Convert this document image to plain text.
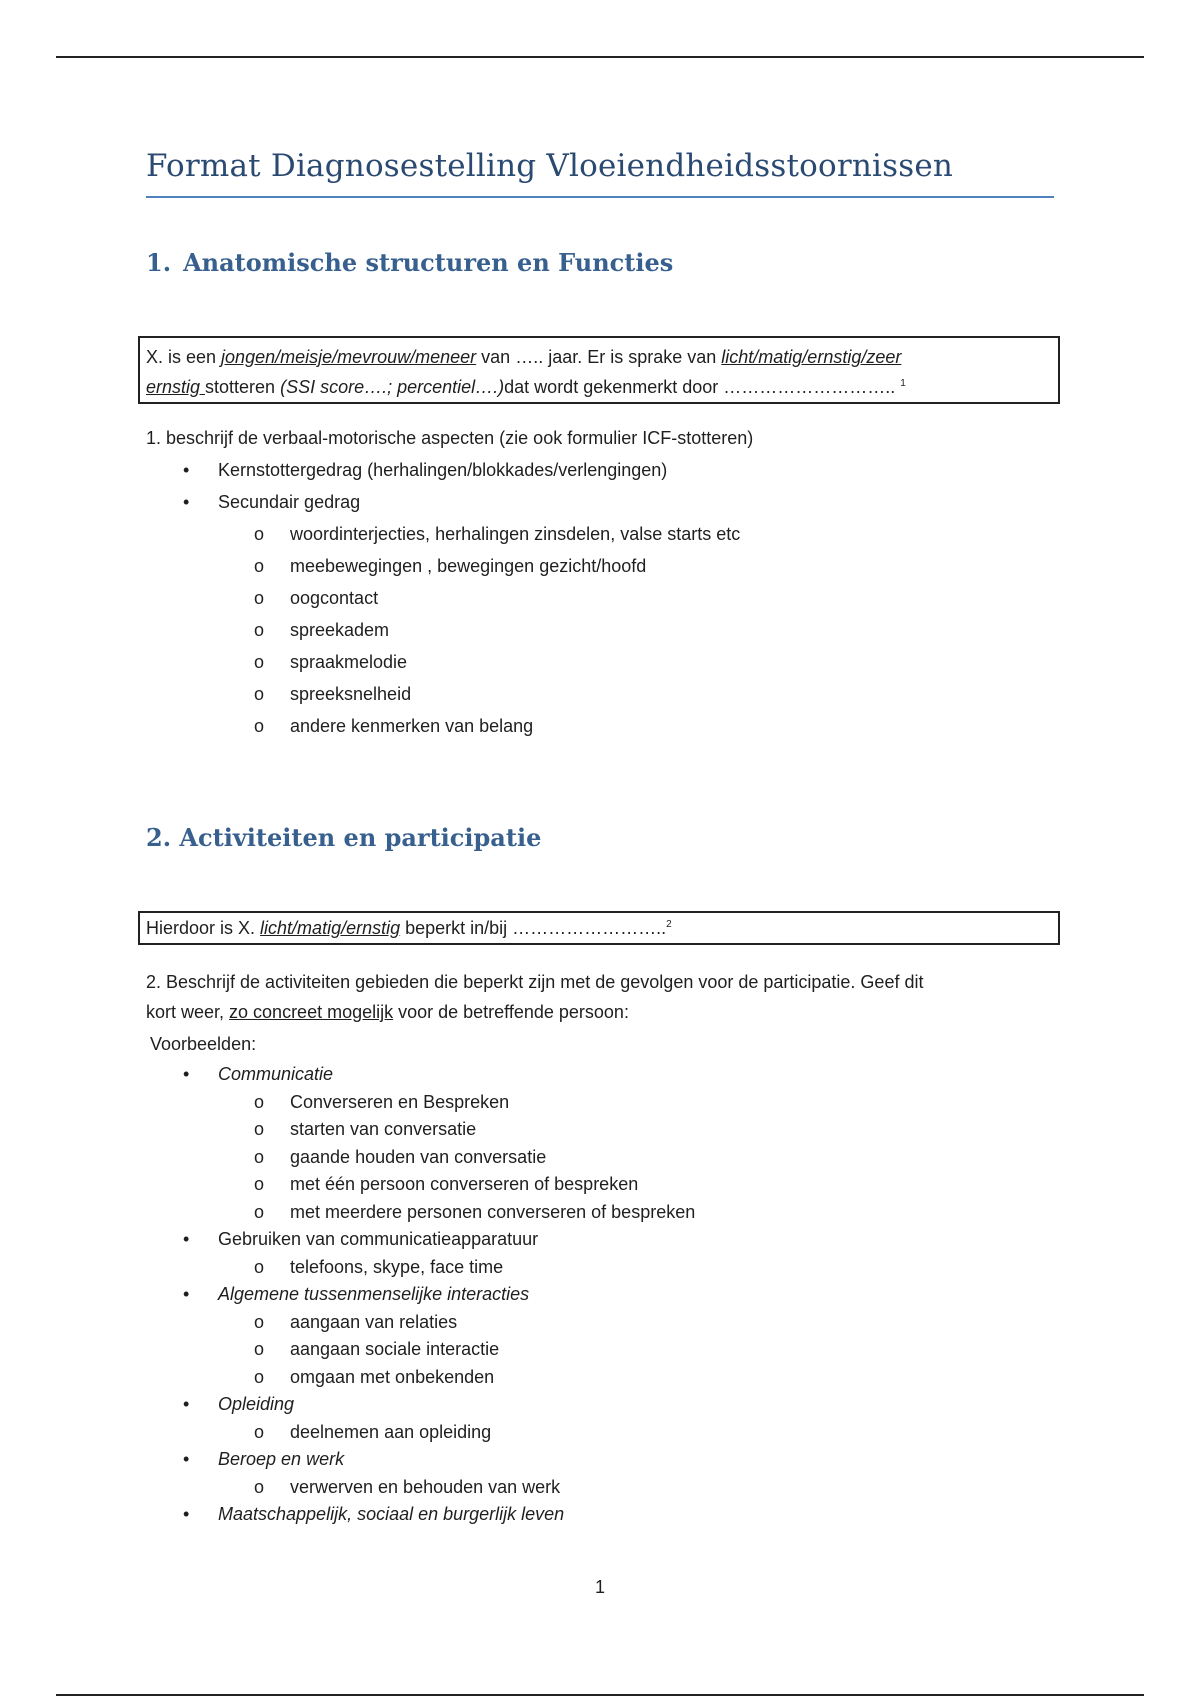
Format Diagnosestelling Vloeiendheidsstoornissen
1. Anatomische structuren en Functies
X. is een jongen/meisje/mevrouw/meneer van ….. jaar. Er is sprake van licht/matig/ernstig/zeer
ernstig stotteren (SSI score….; percentiel….)dat wordt gekenmerkt door ……………………….. $^1$

1. beschrijf de verbaal-motorische aspecten (zie ook formulier ICF-stotteren)

• Kernstottergedrag (herhalingen/blokkades/verlengingen)
• Secundair gedrag
o woordinterjecties, herhalingen zinsdelen, valse starts etc
o meebewegingen , bewegingen gezicht/hoofd
o oogcontact
o spreekadem
o spraakmelodie
o spreeksnelheid
o andere kenmerken van belang
2. Activiteiten en participatie
Hierdoor is X. licht/matig/ernstig beperkt in/bij ……………………..$^2$

2. Beschrijf de activiteiten gebieden die beperkt zijn met de gevolgen voor de participatie. Geef dit
kort weer, zo concreet mogelijk voor de betreffende persoon:

Voorbeelden:

• Communicatie
o Converseren en Bespreken
o starten van conversatie
o gaande houden van conversatie
o met één persoon converseren of bespreken
o met meerdere personen converseren of bespreken
• Gebruiken van communicatieapparatuur
o telefoons, skype, face time
• Algemene tussenmenselijke interacties
o aangaan van relaties
o aangaan sociale interactie
o omgaan met onbekenden
• Opleiding
o deelnemen aan opleiding
• Beroep en werk
o verwerven en behouden van werk
• Maatschappelijk, sociaal en burgerlijk leven
1
